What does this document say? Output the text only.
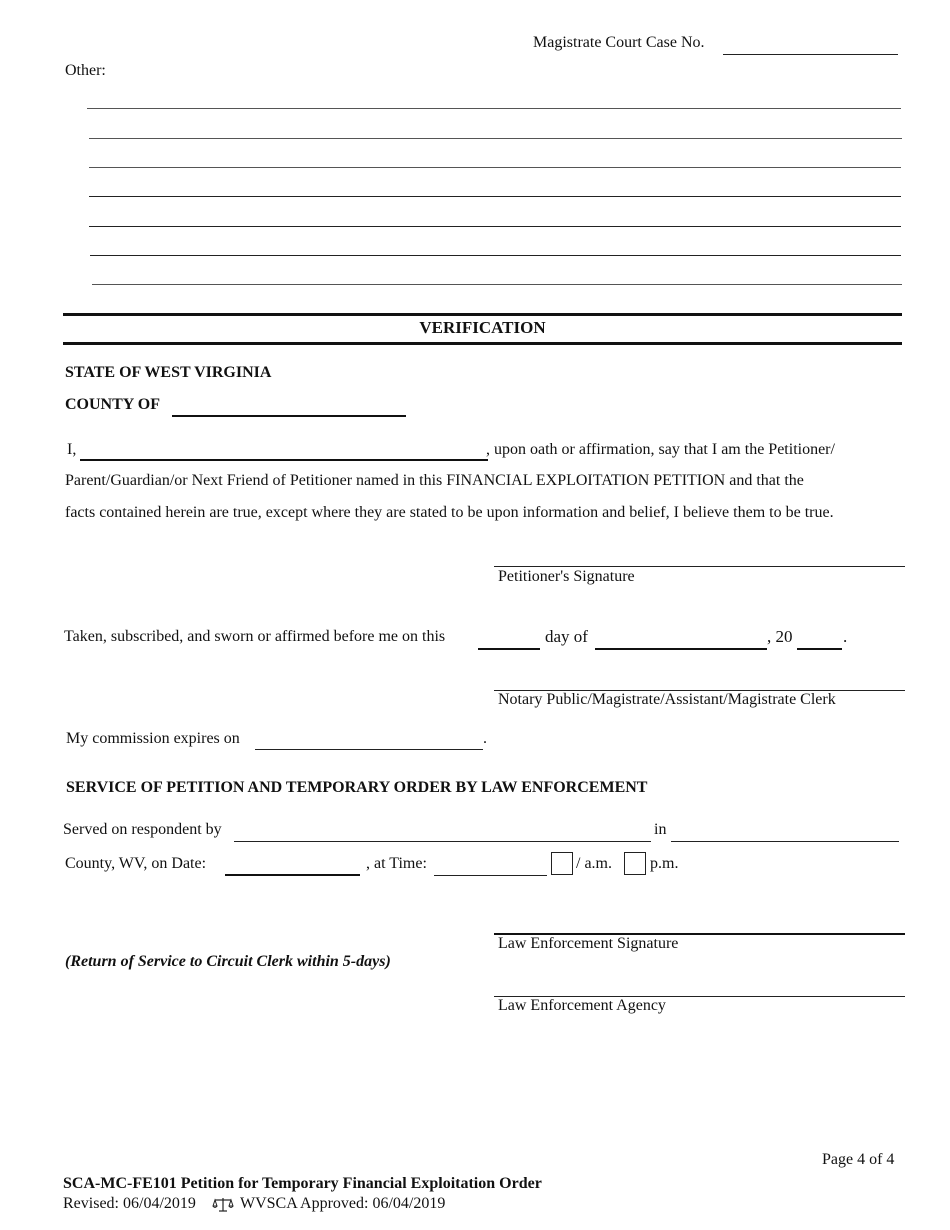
Magistrate Court Case No.
Other:
VERIFICATION
STATE OF WEST VIRGINIA
COUNTY OF
I,	, upon oath or affirmation, say that I am the Petitioner/
Parent/Guardian/or Next Friend of Petitioner named in this FINANCIAL EXPLOITATION PETITION and that the
facts contained herein are true, except where they are stated to be upon information and belief, I believe them to be true.
Petitioner's Signature
Taken, subscribed, and sworn or affirmed before me on this	day of	, 20	.
Notary Public/Magistrate/Assistant/Magistrate Clerk
My commission expires on	.
SERVICE OF PETITION AND TEMPORARY ORDER BY LAW ENFORCEMENT
Served on respondent by	in
County, WV, on Date:	, at Time:	/ a.m. p.m.
Law Enforcement Signature
(Return of Service to Circuit Clerk within 5-days)
Law Enforcement Agency
Page 4 of 4
SCA-MC-FE101 Petition for Temporary Financial Exploitation Order
Revised: 06/04/2019	WVSCA Approved: 06/04/2019
